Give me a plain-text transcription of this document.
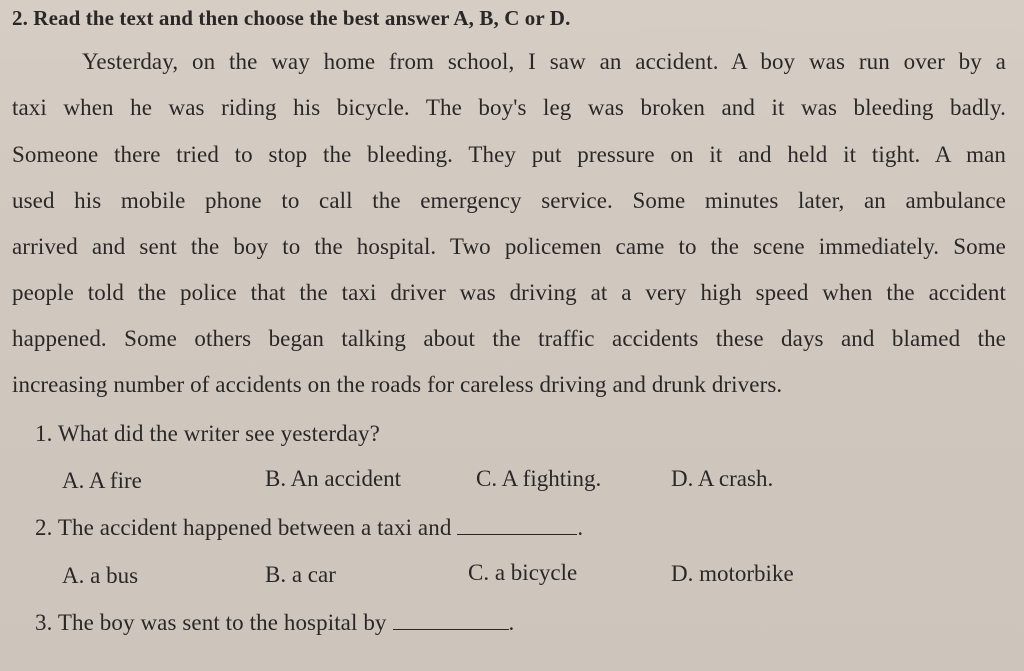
2. Read the text and then choose the best answer A, B, C or D.
Yesterday, on the way home from school, I saw an accident. A boy was run over by a
taxi when he was riding his bicycle. The boy's leg was broken and it was bleeding badly.
Someone there tried to stop the bleeding. They put pressure on it and held it tight. A man
used his mobile phone to call the emergency service. Some minutes later, an ambulance
arrived and sent the boy to the hospital. Two policemen came to the scene immediately. Some
people told the police that the taxi driver was driving at a very high speed when the accident
happened. Some others began talking about the traffic accidents these days and blamed the
increasing number of accidents on the roads for careless driving and drunk drivers.
1. What did the writer see yesterday?
A. A fire	B. An accident	C. A fighting.	D. A crash.
2. The accident happened between a taxi and	.
A. a bus	B. a car	C. a bicycle	D. motorbike
3. The boy was sent to the hospital by	.
